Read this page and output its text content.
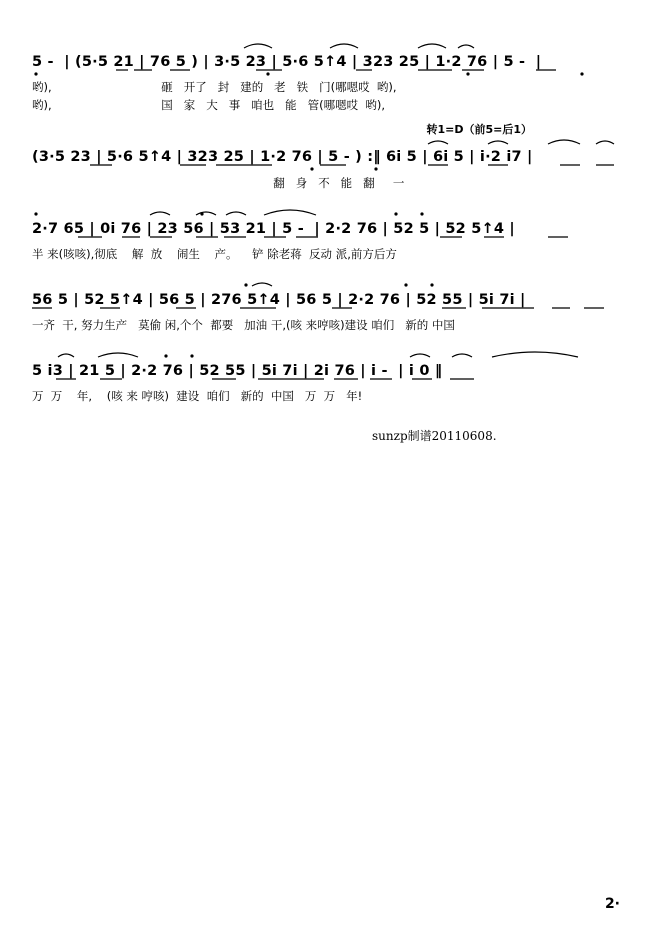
5 -  | (5·5 21 | 76 5 ) | 3·5 23 | 5·6 5↑4 | 323 25 | 1·2 76 | 5 -  |
哟),                              砸   开了   封   建的   老   铁   门(哪嗯哎  哟),
哟),                              国   家   大   事   咱也   能   管(哪嗯哎  哟),
转1=D（前5=后1）
(3·5 23 | 5·6 5↑4 | 323 25 | 1·2 76 | 5 - ) :‖ 6i 5 | 6i 5 | i·2 i7 |
翻   身   不   能   翻     一
2·7 65 | 0i 76 | 23 56 | 53 21 | 5 -  | 2·2 76 | 52 5 | 52 5↑4 |
半 来(咳咳),彻底    解  放    闹生    产。    铲 除老蒋  反动 派,前方后方
56 5 | 52 5↑4 | 56 5 | 276 5↑4 | 56 5 | 2·2 76 | 52 55 | 5i 7i |
一齐  干, 努力生产   莫偷 闲,个个  都要   加油 干,(咳 来哼咳)建设 咱们   新的 中国
5 i3 | 21 5 | 2·2 76 | 52 55 | 5i 7i | 2i 76 | i -  | i 0 ‖
万  万    年,    (咳 来 哼咳)  建设  咱们   新的  中国   万  万   年!
sunzp制谱20110608.
2·
